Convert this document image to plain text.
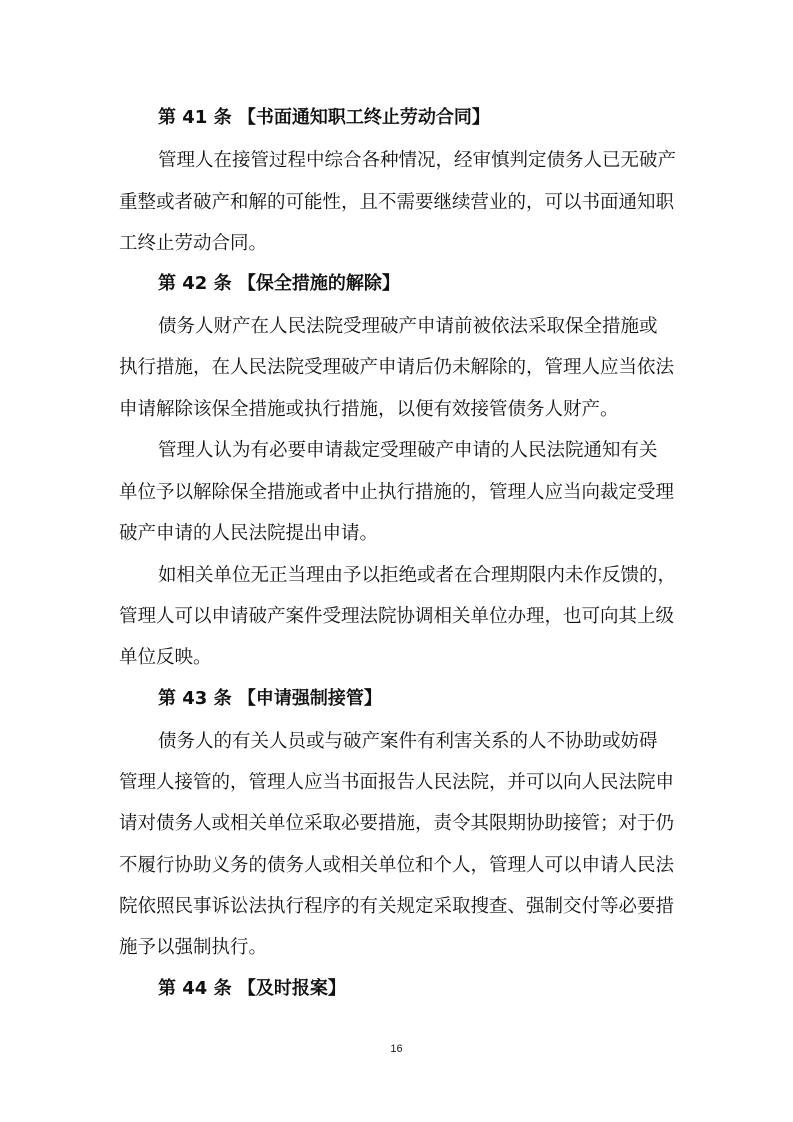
第 41 条 【书面通知职工终止劳动合同】
管理人在接管过程中综合各种情况，经审慎判定债务人已无破产
重整或者破产和解的可能性，且不需要继续营业的，可以书面通知职
工终止劳动合同。
第 42 条 【保全措施的解除】
债务人财产在人民法院受理破产申请前被依法采取保全措施或
执行措施，在人民法院受理破产申请后仍未解除的，管理人应当依法
申请解除该保全措施或执行措施，以便有效接管债务人财产。
管理人认为有必要申请裁定受理破产申请的人民法院通知有关
单位予以解除保全措施或者中止执行措施的，管理人应当向裁定受理
破产申请的人民法院提出申请。
如相关单位无正当理由予以拒绝或者在合理期限内未作反馈的，
管理人可以申请破产案件受理法院协调相关单位办理，也可向其上级
单位反映。
第 43 条 【申请强制接管】
债务人的有关人员或与破产案件有利害关系的人不协助或妨碍
管理人接管的，管理人应当书面报告人民法院，并可以向人民法院申
请对债务人或相关单位采取必要措施，责令其限期协助接管；对于仍
不履行协助义务的债务人或相关单位和个人，管理人可以申请人民法
院依照民事诉讼法执行程序的有关规定采取搜查、强制交付等必要措
施予以强制执行。
第 44 条 【及时报案】
16
